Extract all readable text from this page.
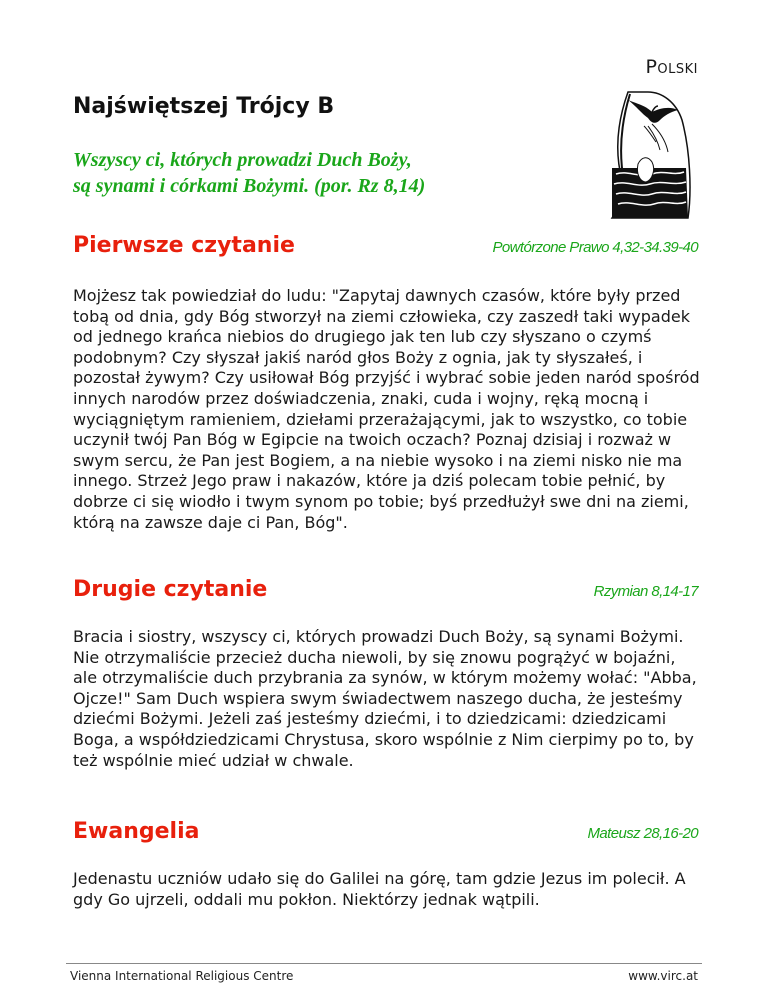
Polski
Najświętszej Trójcy B
Wszyscy ci, których prowadzi Duch Boży,
są synami i córkami Bożymi. (por. Rz 8,14)
Pierwsze czytanie	Powtórzone Prawo 4,32-34.39-40

Mojżesz tak powiedział do ludu: "Zapytaj dawnych czasów, które były przed tobą od dnia, gdy Bóg stworzył na ziemi człowieka, czy zaszedł taki wypadek od jednego krańca niebios do drugiego jak ten lub czy słyszano o czymś podobnym? Czy słyszał jakiś naród głos Boży z ognia, jak ty słyszałeś, i pozostał żywym? Czy usiłował Bóg przyjść i wybrać sobie jeden naród spośród innych narodów przez doświadczenia, znaki, cuda i wojny, ręką mocną i wyciągniętym ramieniem, dziełami przerażającymi, jak to wszystko, co tobie uczynił twój Pan Bóg w Egipcie na twoich oczach? Poznaj dzisiaj i rozważ w swym sercu, że Pan jest Bogiem, a na niebie wysoko i na ziemi nisko nie ma innego. Strzeż Jego praw i nakazów, które ja dziś polecam tobie pełnić, by dobrze ci się wiodło i twym synom po tobie; byś przedłużył swe dni na ziemi, którą na zawsze daje ci Pan, Bóg".

Drugie czytanie	Rzymian 8,14-17

Bracia i siostry, wszyscy ci, których prowadzi Duch Boży, są synami Bożymi. Nie otrzymaliście przecież ducha niewoli, by się znowu pogrążyć w bojaźni, ale otrzymaliście duch przybrania za synów, w którym możemy wołać: "Abba, Ojcze!" Sam Duch wspiera swym świadectwem naszego ducha, że jesteśmy dziećmi Bożymi. Jeżeli zaś jesteśmy dziećmi, i to dziedzicami: dziedzicami Boga, a współdziedzicami Chrystusa, skoro wspólnie z Nim cierpimy po to, by też wspólnie mieć udział w chwale.

Ewangelia	Mateusz 28,16-20

Jedenastu uczniów udało się do Galilei na górę, tam gdzie Jezus im polecił. A gdy Go ujrzeli, oddali mu pokłon. Niektórzy jednak wątpili.

Vienna International Religious Centre	www.virc.at
